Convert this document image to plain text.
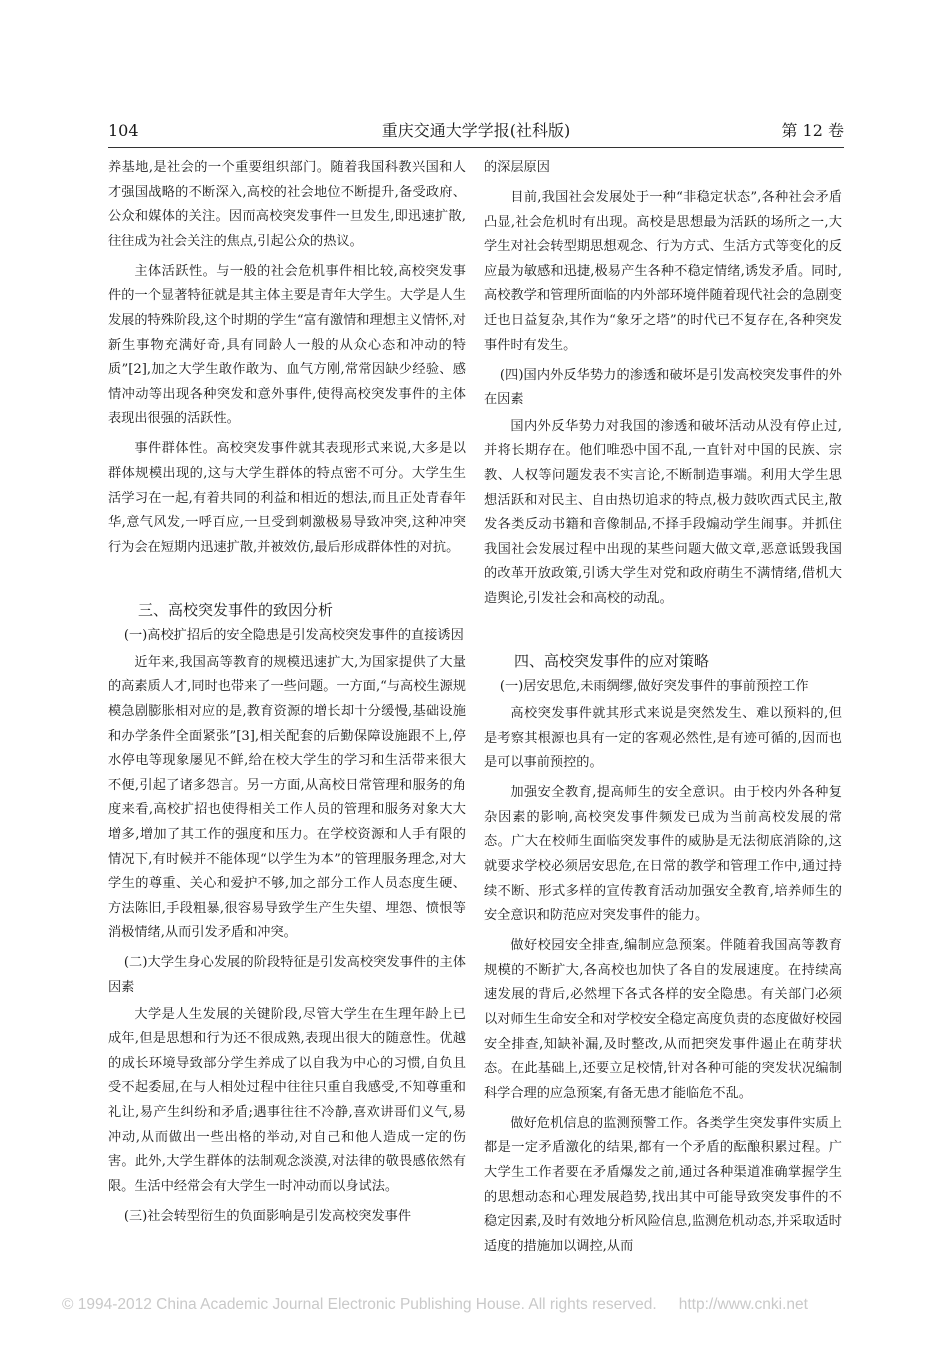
104	重庆交通大学学报(社科版)	第 12 卷

养基地,是社会的一个重要组织部门。随着我国科教兴国和人才强国战略的不断深入,高校的社会地位不断提升,备受政府、公众和媒体的关注。因而高校突发事件一旦发生,即迅速扩散,往往成为社会关注的焦点,引起公众的热议。

主体活跃性。与一般的社会危机事件相比较,高校突发事件的一个显著特征就是其主体主要是青年大学生。大学是人生发展的特殊阶段,这个时期的学生“富有激情和理想主义情怀,对新生事物充满好奇,具有同龄人一般的从众心态和冲动的特质”[2],加之大学生敢作敢为、血气方刚,常常因缺少经验、感情冲动等出现各种突发和意外事件,使得高校突发事件的主体表现出很强的活跃性。

事件群体性。高校突发事件就其表现形式来说,大多是以群体规模出现的,这与大学生群体的特点密不可分。大学生生活学习在一起,有着共同的利益和相近的想法,而且正处青春年华,意气风发,一呼百应,一旦受到刺激极易导致冲突,这种冲突行为会在短期内迅速扩散,并被效仿,最后形成群体性的对抗。

三、高校突发事件的致因分析
(一)高校扩招后的安全隐患是引发高校突发事件的直接诱因

近年来,我国高等教育的规模迅速扩大,为国家提供了大量的高素质人才,同时也带来了一些问题。一方面,“与高校生源规模急剧膨胀相对应的是,教育资源的增长却十分缓慢,基础设施和办学条件全面紧张”[3],相关配套的后勤保障设施跟不上,停水停电等现象屡见不鲜,给在校大学生的学习和生活带来很大不便,引起了诸多怨言。另一方面,从高校日常管理和服务的角度来看,高校扩招也使得相关工作人员的管理和服务对象大大增多,增加了其工作的强度和压力。在学校资源和人手有限的情况下,有时候并不能体现“以学生为本”的管理服务理念,对大学生的尊重、关心和爱护不够,加之部分工作人员态度生硬、方法陈旧,手段粗暴,很容易导致学生产生失望、埋怨、愤恨等消极情绪,从而引发矛盾和冲突。

(二)大学生身心发展的阶段特征是引发高校突发事件的主体因素

大学是人生发展的关键阶段,尽管大学生在生理年龄上已成年,但是思想和行为还不很成熟,表现出很大的随意性。优越的成长环境导致部分学生养成了以自我为中心的习惯,自负且受不起委屈,在与人相处过程中往往只重自我感受,不知尊重和礼让,易产生纠纷和矛盾;遇事往往不冷静,喜欢讲哥们义气,易冲动,从而做出一些出格的举动,对自己和他人造成一定的伤害。此外,大学生群体的法制观念淡漠,对法律的敬畏感依然有限。生活中经常会有大学生一时冲动而以身试法。

(三)社会转型衍生的负面影响是引发高校突发事件

的深层原因

目前,我国社会发展处于一种“非稳定状态”,各种社会矛盾凸显,社会危机时有出现。高校是思想最为活跃的场所之一,大学生对社会转型期思想观念、行为方式、生活方式等变化的反应最为敏感和迅捷,极易产生各种不稳定情绪,诱发矛盾。同时,高校教学和管理所面临的内外部环境伴随着现代社会的急剧变迁也日益复杂,其作为“象牙之塔”的时代已不复存在,各种突发事件时有发生。

(四)国内外反华势力的渗透和破坏是引发高校突发事件的外在因素

国内外反华势力对我国的渗透和破坏活动从没有停止过,并将长期存在。他们唯恐中国不乱,一直针对中国的民族、宗教、人权等问题发表不实言论,不断制造事端。利用大学生思想活跃和对民主、自由热切追求的特点,极力鼓吹西式民主,散发各类反动书籍和音像制品,不择手段煽动学生闹事。并抓住我国社会发展过程中出现的某些问题大做文章,恶意诋毁我国的改革开放政策,引诱大学生对党和政府萌生不满情绪,借机大造舆论,引发社会和高校的动乱。

四、高校突发事件的应对策略
(一)居安思危,未雨绸缪,做好突发事件的事前预控工作

高校突发事件就其形式来说是突然发生、难以预料的,但是考察其根源也具有一定的客观必然性,是有迹可循的,因而也是可以事前预控的。

加强安全教育,提高师生的安全意识。由于校内外各种复杂因素的影响,高校突发事件频发已成为当前高校发展的常态。广大在校师生面临突发事件的威胁是无法彻底消除的,这就要求学校必须居安思危,在日常的教学和管理工作中,通过持续不断、形式多样的宣传教育活动加强安全教育,培养师生的安全意识和防范应对突发事件的能力。

做好校园安全排查,编制应急预案。伴随着我国高等教育规模的不断扩大,各高校也加快了各自的发展速度。在持续高速发展的背后,必然埋下各式各样的安全隐患。有关部门必须以对师生生命安全和对学校安全稳定高度负责的态度做好校园安全排查,知缺补漏,及时整改,从而把突发事件遏止在萌芽状态。在此基础上,还要立足校情,针对各种可能的突发状况编制科学合理的应急预案,有备无患才能临危不乱。

做好危机信息的监测预警工作。各类学生突发事件实质上都是一定矛盾激化的结果,都有一个矛盾的酝酿积累过程。广大学生工作者要在矛盾爆发之前,通过各种渠道准确掌握学生的思想动态和心理发展趋势,找出其中可能导致突发事件的不稳定因素,及时有效地分析风险信息,监测危机动态,并采取适时适度的措施加以调控,从而

© 1994-2012 China Academic Journal Electronic Publishing House. All rights reserved. http://www.cnki.net
